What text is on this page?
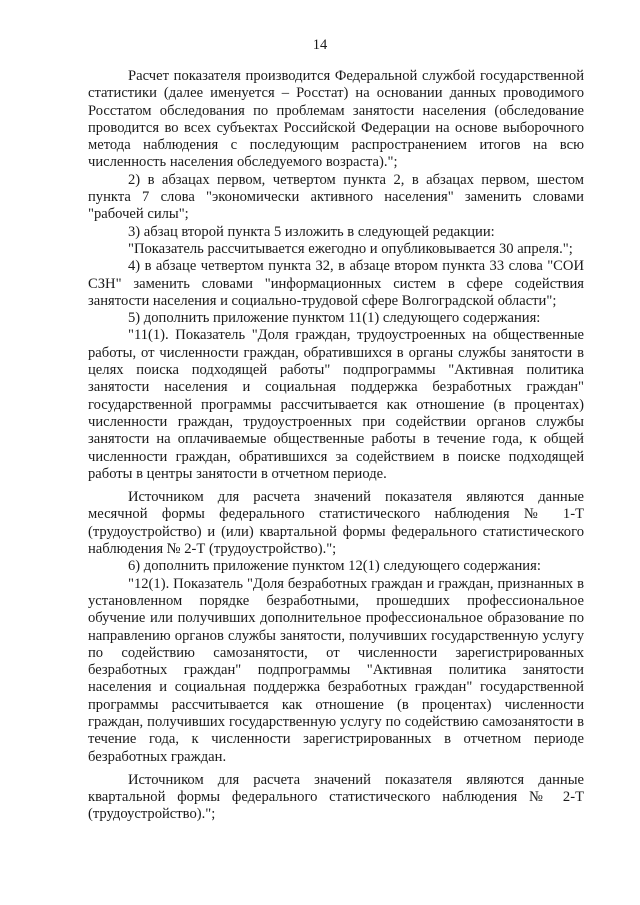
14

Расчет показателя производится Федеральной службой государственной статистики (далее именуется – Росстат) на основании данных проводимого Росстатом обследования по проблемам занятости населения (обследование проводится во всех субъектах Российской Федерации на основе выборочного метода наблюдения с последующим распространением итогов на всю численность населения обследуемого возраста).";

2) в абзацах первом, четвертом пункта 2, в абзацах первом, шестом пункта 7 слова "экономически активного населения" заменить словами "рабочей силы";

3) абзац второй пункта 5 изложить в следующей редакции:

"Показатель рассчитывается ежегодно и опубликовывается 30 апреля.";

4) в абзаце четвертом пункта 32, в абзаце втором пункта 33 слова "СОИ СЗН" заменить словами "информационных систем в сфере содействия занятости населения и социально-трудовой сфере Волгоградской области";

5) дополнить приложение пунктом 11(1) следующего содержания:

"11(1). Показатель "Доля граждан, трудоустроенных на общественные работы, от численности граждан, обратившихся в органы службы занятости в целях поиска подходящей работы" подпрограммы "Активная политика занятости населения и социальная поддержка безработных граждан" государственной программы рассчитывается как отношение (в процентах) численности граждан, трудоустроенных при содействии органов службы занятости на оплачиваемые общественные работы в течение года, к общей численности граждан, обратившихся за содействием в поиске подходящей работы в центры занятости в отчетном периоде.

Источником для расчета значений показателя являются данные месячной формы федерального статистического наблюдения № 1-Т (трудоустройство) и (или) квартальной формы федерального статистического наблюдения № 2-Т (трудоустройство).";

6) дополнить приложение пунктом 12(1) следующего содержания:

"12(1). Показатель "Доля безработных граждан и граждан, признанных в установленном порядке безработными, прошедших профессиональное обучение или получивших дополнительное профессиональное образование по направлению органов службы занятости, получивших государственную услугу по содействию самозанятости, от численности зарегистрированных безработных граждан" подпрограммы "Активная политика занятости населения и социальная поддержка безработных граждан" государственной программы рассчитывается как отношение (в процентах) численности граждан, получивших государственную услугу по содействию самозанятости в течение года, к численности зарегистрированных в отчетном периоде безработных граждан.

Источником для расчета значений показателя являются данные квартальной формы федерального статистического наблюдения № 2-Т (трудоустройство).";
